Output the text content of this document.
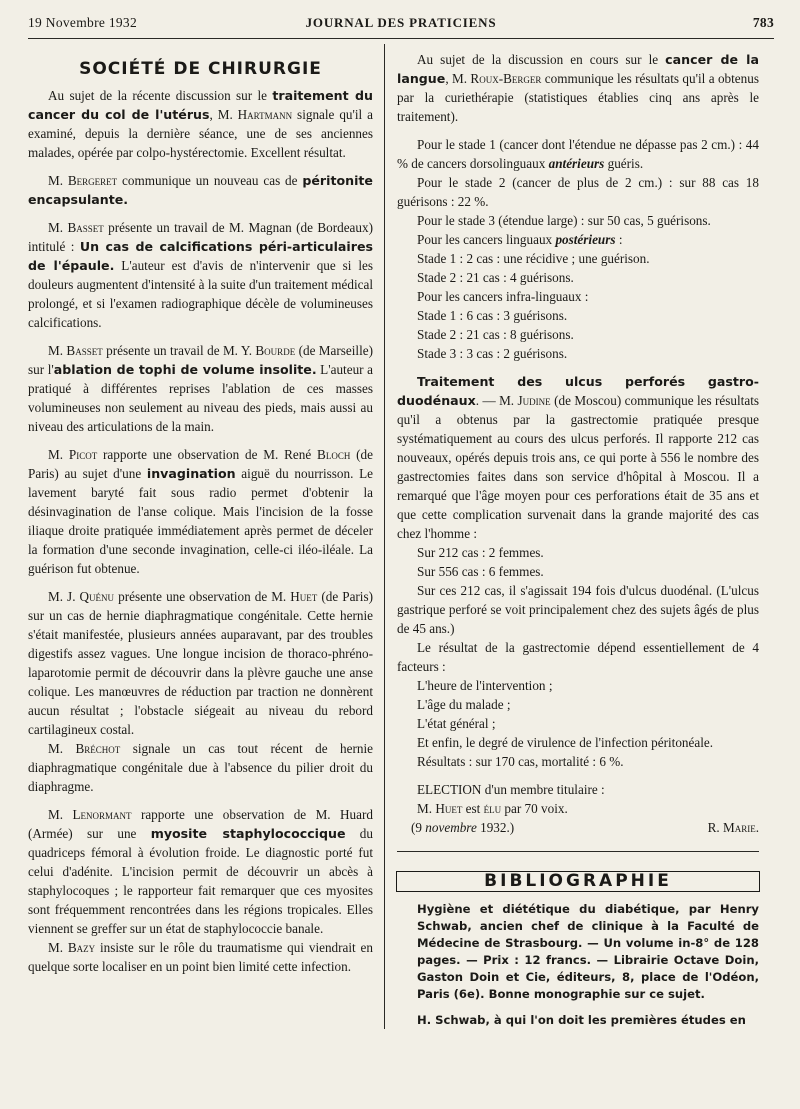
19 Novembre 1932	JOURNAL DES PRATICIENS	783
SOCIÉTÉ DE CHIRURGIE

Au sujet de la récente discussion sur le traitement du cancer du col de l'utérus, M. Hartmann signale qu'il a examiné, depuis la dernière séance, une de ses anciennes malades, opérée par colpo-hystérectomie. Excellent résultat.

M. Bergeret communique un nouveau cas de péritonite encapsulante.

M. Basset présente un travail de M. Magnan (de Bordeaux) intitulé : Un cas de calcifications péri-articulaires de l'épaule. L'auteur est d'avis de n'intervenir que si les douleurs augmentent d'intensité à la suite d'un traitement médical prolongé, et si l'examen radiographique décèle de volumineuses calcifications.

M. Basset présente un travail de M. Y. Bourde (de Marseille) sur l'ablation de tophi de volume insolite. L'auteur a pratiqué à différentes reprises l'ablation de ces masses volumineuses non seulement au niveau des pieds, mais aussi au niveau des articulations de la main.

M. Picot rapporte une observation de M. René Bloch (de Paris) au sujet d'une invagination aiguë du nourrisson. Le lavement baryté fait sous radio permet d'obtenir la désinvagination de l'anse colique. Mais l'incision de la fosse iliaque droite pratiquée immédiatement après permet de déceler la formation d'une seconde invagination, celle-ci iléo-iléale. La guérison fut obtenue.

M. J. Quénu présente une observation de M. Huet (de Paris) sur un cas de hernie diaphragmatique congénitale. Cette hernie s'était manifestée, plusieurs années auparavant, par des troubles digestifs assez vagues. Une longue incision de thoraco-phréno-laparotomie permit de découvrir dans la plèvre gauche une anse colique. Les manœuvres de réduction par traction ne donnèrent aucun résultat ; l'obstacle siégeait au niveau du rebord cartilagineux costal.

M. Bréchot signale un cas tout récent de hernie diaphragmatique congénitale due à l'absence du pilier droit du diaphragme.

M. Lenormant rapporte une observation de M. Huard (Armée) sur une myosite staphylococcique du quadriceps fémoral à évolution froide. Le diagnostic porté fut celui d'adénite. L'incision permit de découvrir un abcès à staphylocoques ; le rapporteur fait remarquer que ces myosites sont fréquemment rencontrées dans les régions tropicales. Elles viennent se greffer sur un état de staphylococcie banale.

M. Bazy insiste sur le rôle du traumatisme qui viendrait en quelque sorte localiser en un point bien limité cette infection.

Au sujet de la discussion en cours sur le cancer de la langue, M. Roux-Berger communique les résultats qu'il a obtenus par la curiethérapie (statistiques établies cinq ans après le traitement).

Pour le stade 1 (cancer dont l'étendue ne dépasse pas 2 cm.) : 44 % de cancers dorsolinguaux antérieurs guéris.

Pour le stade 2 (cancer de plus de 2 cm.) : sur 88 cas 18 guérisons : 22 %.

Pour le stade 3 (étendue large) : sur 50 cas, 5 guérisons.

Pour les cancers linguaux postérieurs :

Stade 1 : 2 cas : une récidive ; une guérison.

Stade 2 : 21 cas : 4 guérisons.

Pour les cancers infra-linguaux :

Stade 1 : 6 cas : 3 guérisons.

Stade 2 : 21 cas : 8 guérisons.

Stade 3 : 3 cas : 2 guérisons.

Traitement des ulcus perforés gastro-duodénaux. — M. Judine (de Moscou) communique les résultats qu'il a obtenus par la gastrectomie pratiquée presque systématiquement au cours des ulcus perforés. Il rapporte 212 cas nouveaux, opérés depuis trois ans, ce qui porte à 556 le nombre des gastrectomies faites dans son service d'hôpital à Moscou. Il a remarqué que l'âge moyen pour ces perforations était de 35 ans et que cette complication survenait dans la grande majorité des cas chez l'homme :

Sur 212 cas : 2 femmes.

Sur 556 cas : 6 femmes.

Sur ces 212 cas, il s'agissait 194 fois d'ulcus duodénal. (L'ulcus gastrique perforé se voit principalement chez des sujets âgés de plus de 45 ans.)

Le résultat de la gastrectomie dépend essentiellement de 4 facteurs :

L'heure de l'intervention ;

L'âge du malade ;

L'état général ;

Et enfin, le degré de virulence de l'infection péritonéale.

Résultats : sur 170 cas, mortalité : 6 %.

ELECTION d'un membre titulaire :

M. Huet est élu par 70 voix.

(9 novembre 1932.)	R. Marie.

BIBLIOGRAPHIE

Hygiène et diététique du diabétique, par Henry Schwab, ancien chef de clinique à la Faculté de Médecine de Strasbourg. — Un volume in-8° de 128 pages. — Prix : 12 francs. — Librairie Octave Doin, Gaston Doin et Cie, éditeurs, 8, place de l'Odéon, Paris (6e). Bonne monographie sur ce sujet.

H. Schwab, à qui l'on doit les premières études en
